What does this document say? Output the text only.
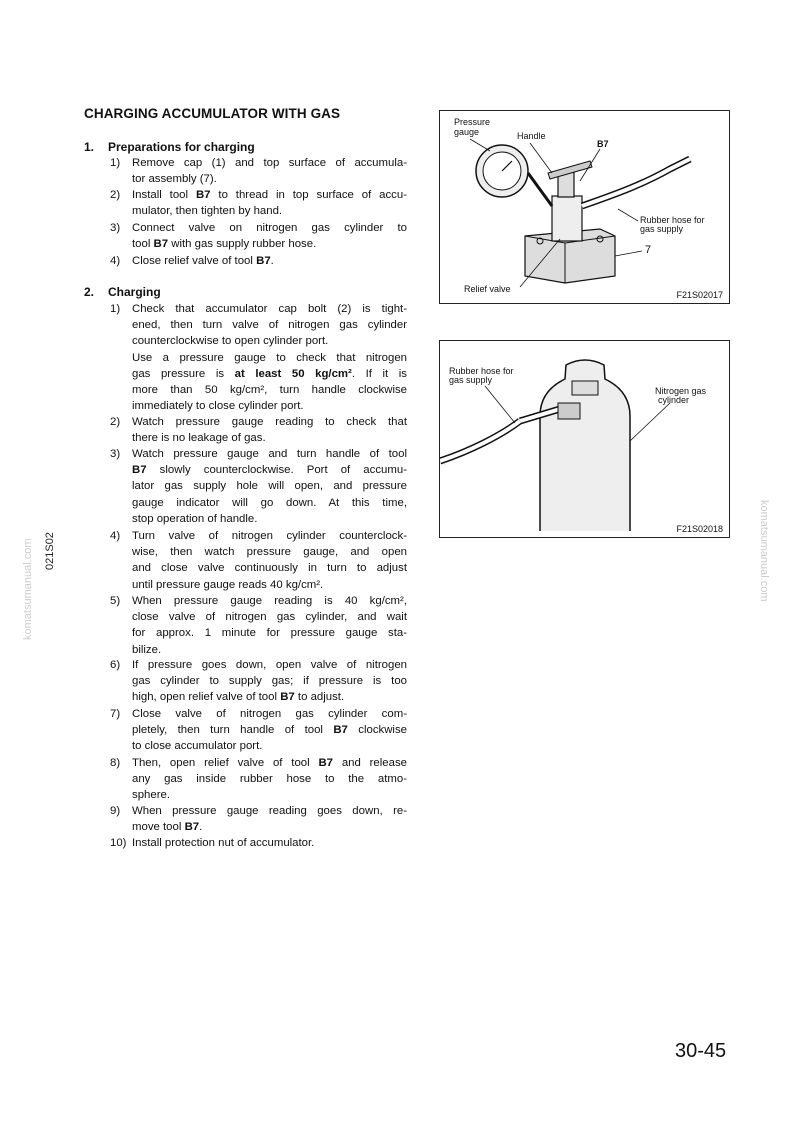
CHARGING ACCUMULATOR WITH GAS
1. Preparations for charging
1) Remove cap (1) and top surface of accumula-
tor assembly (7).
2) Install tool B7 to thread in top surface of accu-
mulator, then tighten by hand.
3) Connect valve on nitrogen gas cylinder to
tool B7 with gas supply rubber hose.
4) Close relief valve of tool B7.
2. Charging
1) Check that accumulator cap bolt (2) is tight-
ened, then turn valve of nitrogen gas cylinder
counterclockwise to open cylinder port.
Use a pressure gauge to check that nitrogen
gas pressure is at least 50 kg/cm². If it is
more than 50 kg/cm², turn handle clockwise
immediately to close cylinder port.
2) Watch pressure gauge reading to check that
there is no leakage of gas.
3) Watch pressure gauge and turn handle of tool
B7 slowly counterclockwise. Port of accumu-
lator gas supply hole will open, and pressure
gauge indicator will go down. At this time,
stop operation of handle.
4) Turn valve of nitrogen cylinder counterclock-
wise, then watch pressure gauge, and open
and close valve continuously in turn to adjust
until pressure gauge reads 40 kg/cm².
5) When pressure gauge reading is 40 kg/cm²,
close valve of nitrogen gas cylinder, and wait
for approx. 1 minute for pressure gauge sta-
bilize.
6) If pressure goes down, open valve of nitrogen
gas cylinder to supply gas; if pressure is too
high, open relief valve of tool B7 to adjust.
7) Close valve of nitrogen gas cylinder com-
pletely, then turn handle of tool B7 clockwise
to close accumulator port.
8) Then, open relief valve of tool B7 and release
any gas inside rubber hose to the atmo-
sphere.
9) When pressure gauge reading goes down, re-
move tool B7.
10) Install protection nut of accumulator.
Pressure
gauge	Handle
B7
Rubber hose for
gas supply
7
Relief valve
F21S02017
Rubber hose for
gas supply
Nitrogen gas
cylinder
F21S02018
021S02
komatsumanual.com	komatsumanual.com
30-45
